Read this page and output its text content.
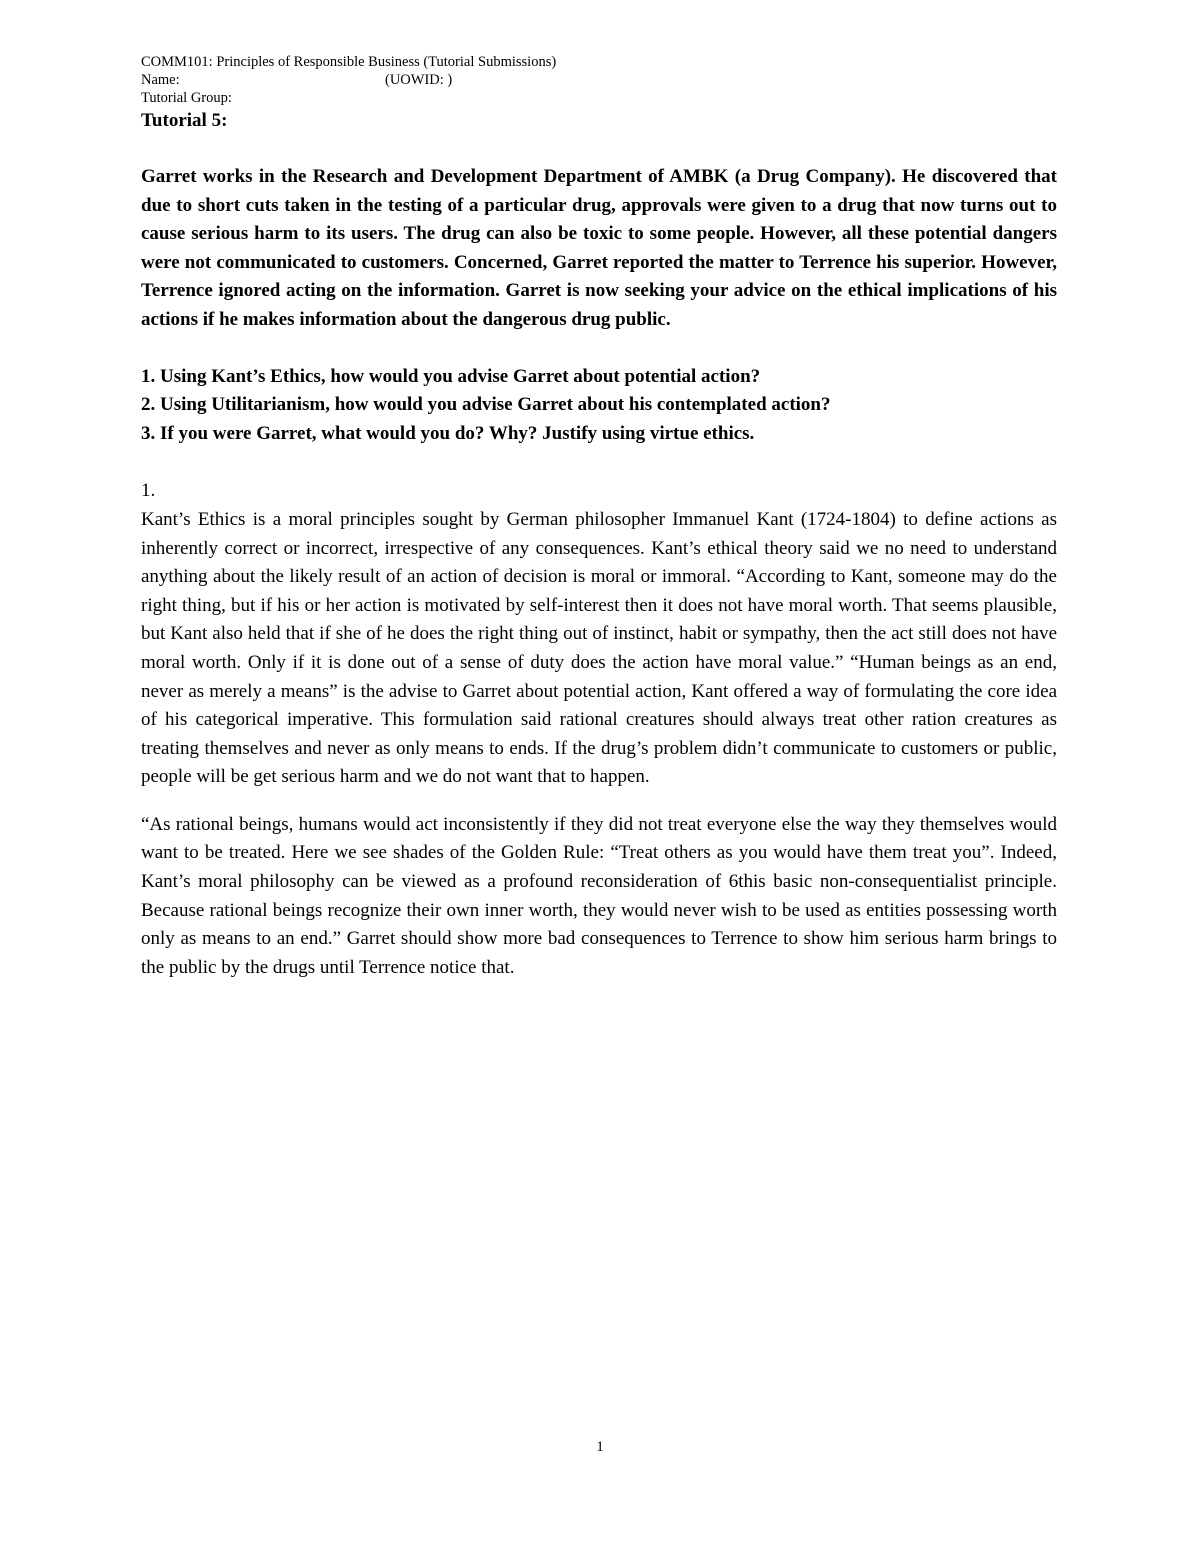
COMM101: Principles of Responsible Business (Tutorial Submissions)
Name:	(UOWID: )
Tutorial Group:
Tutorial 5:

Garret works in the Research and Development Department of AMBK (a Drug Company). He discovered that due to short cuts taken in the testing of a particular drug, approvals were given to a drug that now turns out to cause serious harm to its users. The drug can also be toxic to some people. However, all these potential dangers were not communicated to customers. Concerned, Garret reported the matter to Terrence his superior. However, Terrence ignored acting on the information. Garret is now seeking your advice on the ethical implications of his actions if he makes information about the dangerous drug public.

1. Using Kant’s Ethics, how would you advise Garret about potential action?
2. Using Utilitarianism, how would you advise Garret about his contemplated action?
3. If you were Garret, what would you do? Why? Justify using virtue ethics.
1.

Kant’s Ethics is a moral principles sought by German philosopher Immanuel Kant (1724-1804) to define actions as inherently correct or incorrect, irrespective of any consequences. Kant’s ethical theory said we no need to understand anything about the likely result of an action of decision is moral or immoral. “According to Kant, someone may do the right thing, but if his or her action is motivated by self-interest then it does not have moral worth. That seems plausible, but Kant also held that if she of he does the right thing out of instinct, habit or sympathy, then the act still does not have moral worth. Only if it is done out of a sense of duty does the action have moral value.” “Human beings as an end, never as merely a means” is the advise to Garret about potential action, Kant offered a way of formulating the core idea of his categorical imperative. This formulation said rational creatures should always treat other ration creatures as treating themselves and never as only means to ends. If the drug’s problem didn’t communicate to customers or public, people will be get serious harm and we do not want that to happen.

“As rational beings, humans would act inconsistently if they did not treat everyone else the way they themselves would want to be treated. Here we see shades of the Golden Rule: “Treat others as you would have them treat you”. Indeed, Kant’s moral philosophy can be viewed as a profound reconsideration of 6this basic non-consequentialist principle. Because rational beings recognize their own inner worth, they would never wish to be used as entities possessing worth only as means to an end.” Garret should show more bad consequences to Terrence to show him serious harm brings to the public by the drugs until Terrence notice that.

1
